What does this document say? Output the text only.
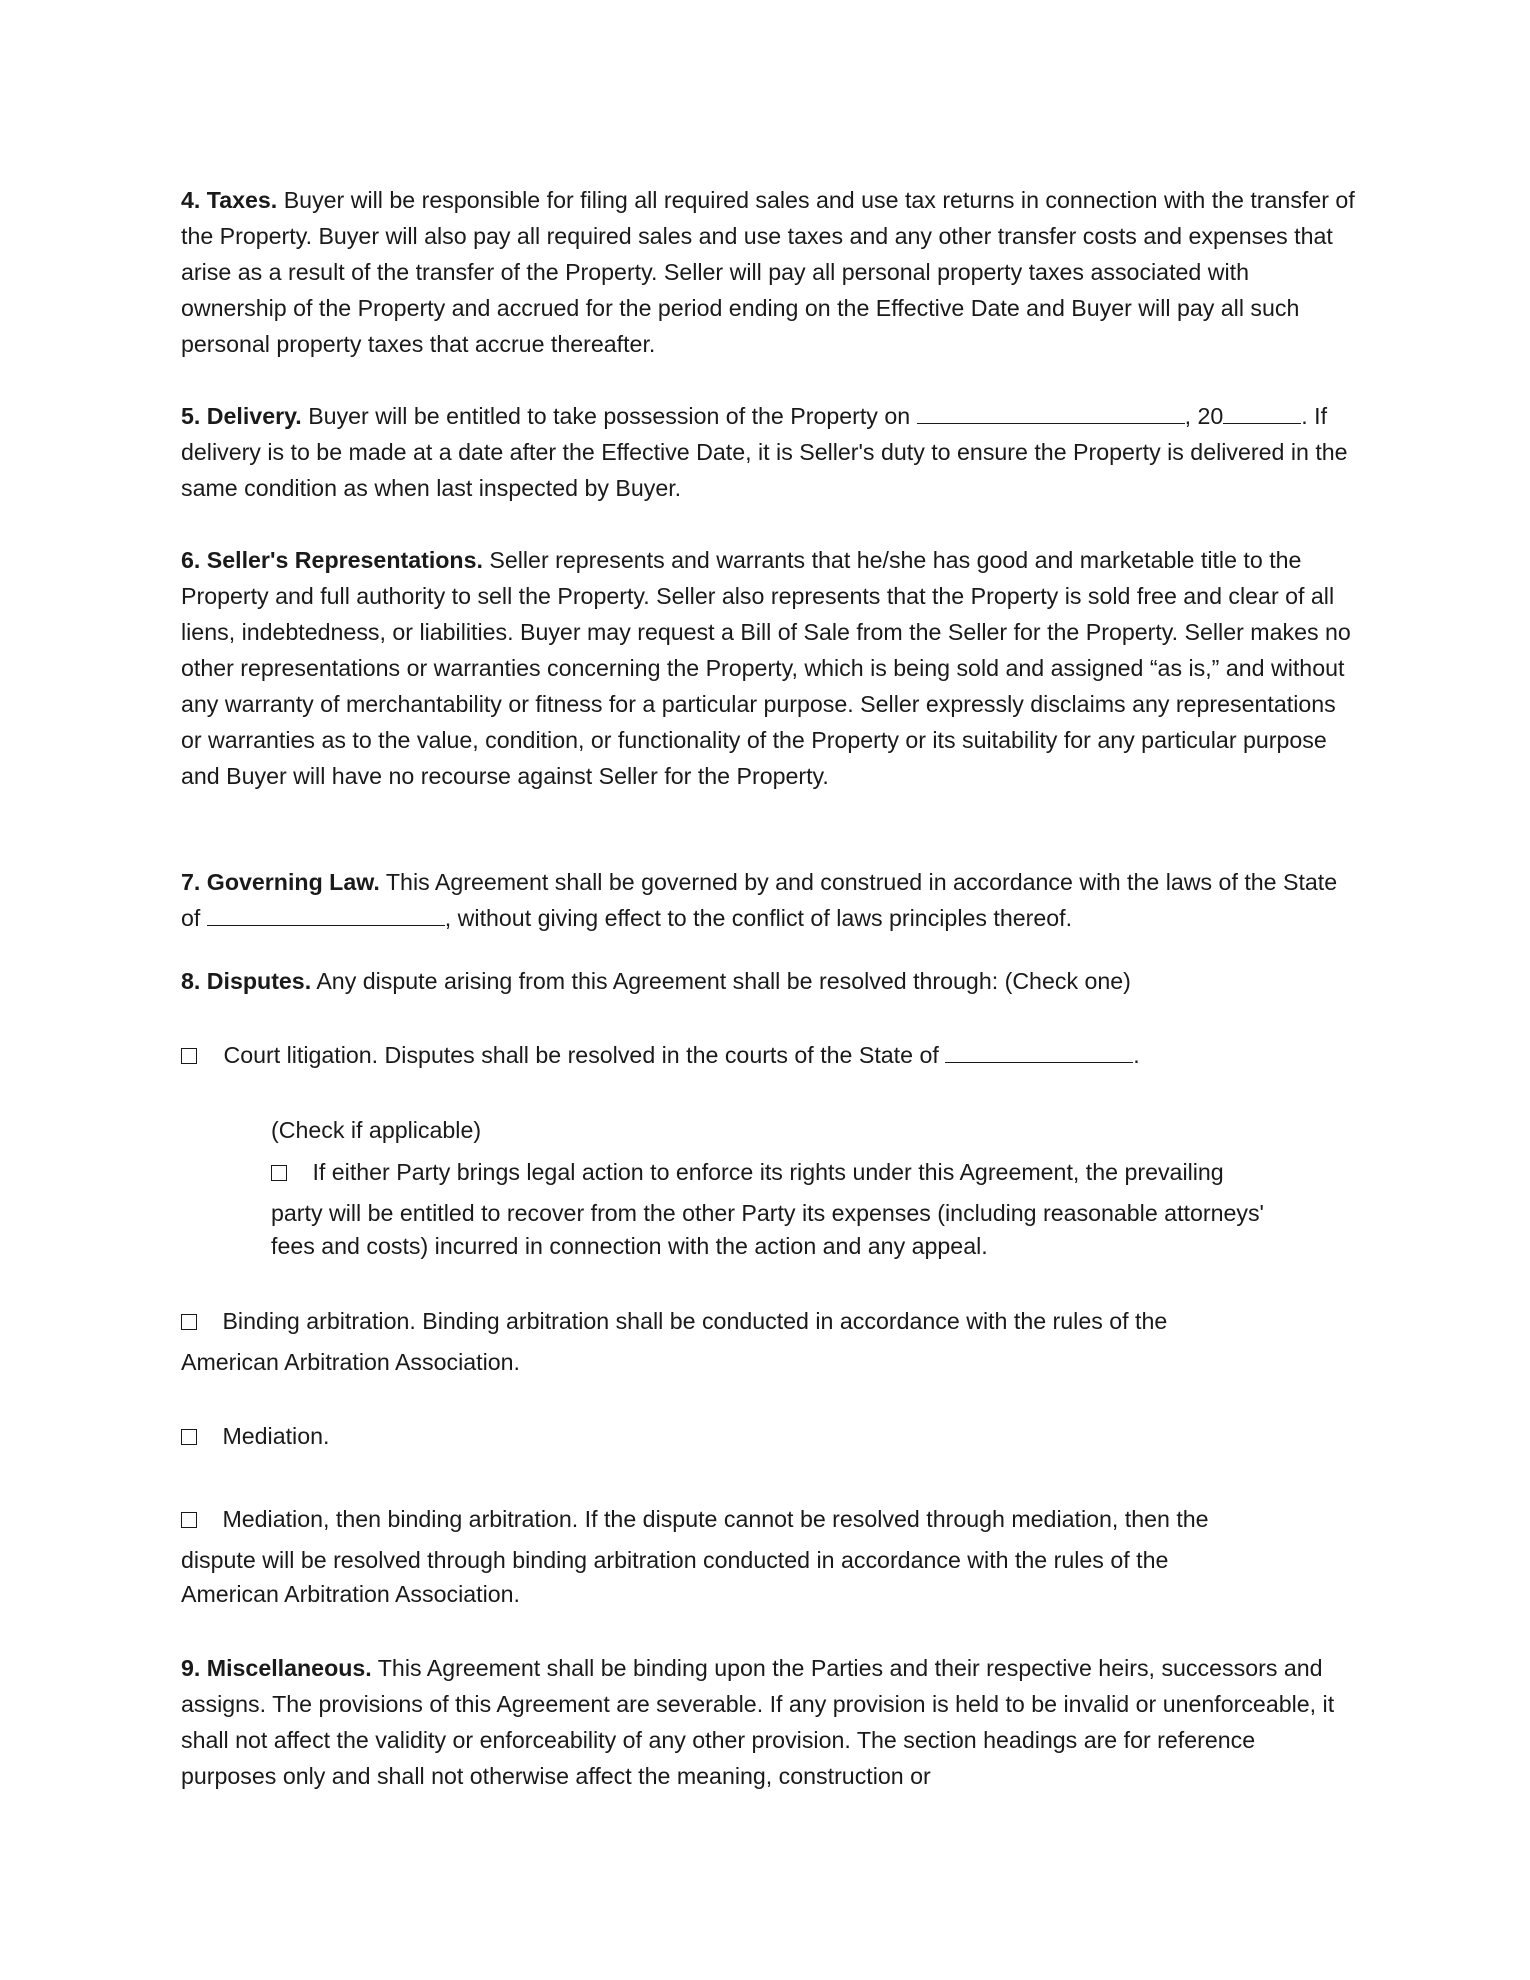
4. Taxes. Buyer will be responsible for filing all required sales and use tax returns in connection with the transfer of the Property. Buyer will also pay all required sales and use taxes and any other transfer costs and expenses that arise as a result of the transfer of the Property. Seller will pay all personal property taxes associated with ownership of the Property and accrued for the period ending on the Effective Date and Buyer will pay all such personal property taxes that accrue thereafter.

5. Delivery. Buyer will be entitled to take possession of the Property on	, 20	. If delivery is to be made at a date after the Effective Date, it is Seller's duty to ensure the Property is delivered in the same condition as when last inspected by Buyer.

6. Seller's Representations. Seller represents and warrants that he/she has good and marketable title to the Property and full authority to sell the Property. Seller also represents that the Property is sold free and clear of all liens, indebtedness, or liabilities. Buyer may request a Bill of Sale from the Seller for the Property. Seller makes no other representations or warranties concerning the Property, which is being sold and assigned “as is,” and without any warranty of merchantability or fitness for a particular purpose. Seller expressly disclaims any representations or warranties as to the value, condition, or functionality of the Property or its suitability for any particular purpose and Buyer will have no recourse against Seller for the Property.

7. Governing Law. This Agreement shall be governed by and construed in accordance with the laws of the State of	, without giving effect to the conflict of laws principles thereof.

8. Disputes. Any dispute arising from this Agreement shall be resolved through: (Check one)

Court litigation. Disputes shall be resolved in the courts of the State of	.

(Check if applicable)

If either Party brings legal action to enforce its rights under this Agreement, the prevailing

party will be entitled to recover from the other Party its expenses (including reasonable attorneys'

fees and costs) incurred in connection with the action and any appeal.

Binding arbitration. Binding arbitration shall be conducted in accordance with the rules of the

American Arbitration Association.

Mediation.

Mediation, then binding arbitration. If the dispute cannot be resolved through mediation, then the

dispute will be resolved through binding arbitration conducted in accordance with the rules of the

American Arbitration Association.

9. Miscellaneous. This Agreement shall be binding upon the Parties and their respective heirs, successors and assigns. The provisions of this Agreement are severable. If any provision is held to be invalid or unenforceable, it shall not affect the validity or enforceability of any other provision. The section headings are for reference purposes only and shall not otherwise affect the meaning, construction or
